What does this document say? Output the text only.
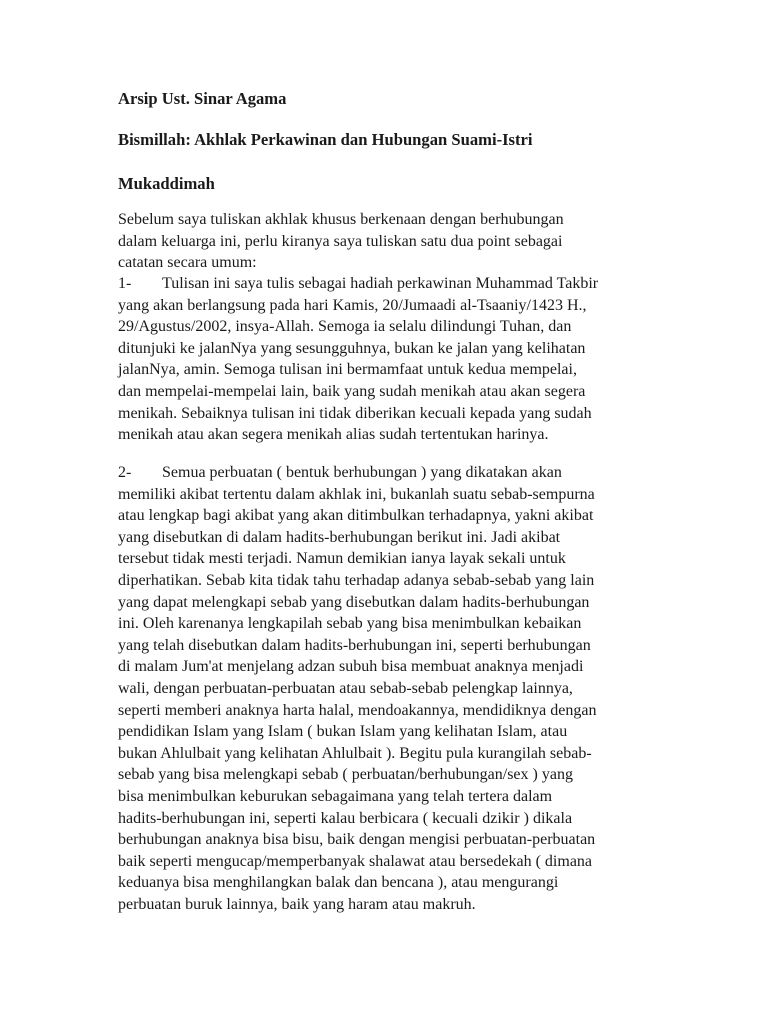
Arsip Ust. Sinar Agama
Bismillah: Akhlak Perkawinan dan Hubungan Suami-Istri
Mukaddimah
Sebelum saya tuliskan akhlak khusus berkenaan dengan berhubungan
dalam keluarga ini, perlu kiranya saya tuliskan satu dua point sebagai
catatan secara umum:
1- Tulisan ini saya tulis sebagai hadiah perkawinan Muhammad Takbir
yang akan berlangsung pada hari Kamis, 20/Jumaadi al-Tsaaniy/1423 H.,
29/Agustus/2002, insya-Allah. Semoga ia selalu dilindungi Tuhan, dan
ditunjuki ke jalanNya yang sesungguhnya, bukan ke jalan yang kelihatan
jalanNya, amin. Semoga tulisan ini bermamfaat untuk kedua mempelai,
dan mempelai-mempelai lain, baik yang sudah menikah atau akan segera
menikah. Sebaiknya tulisan ini tidak diberikan kecuali kepada yang sudah
menikah atau akan segera menikah alias sudah tertentukan harinya.
2- Semua perbuatan ( bentuk berhubungan ) yang dikatakan akan
memiliki akibat tertentu dalam akhlak ini, bukanlah suatu sebab-sempurna
atau lengkap bagi akibat yang akan ditimbulkan terhadapnya, yakni akibat
yang disebutkan di dalam hadits-berhubungan berikut ini. Jadi akibat
tersebut tidak mesti terjadi. Namun demikian ianya layak sekali untuk
diperhatikan. Sebab kita tidak tahu terhadap adanya sebab-sebab yang lain
yang dapat melengkapi sebab yang disebutkan dalam hadits-berhubungan
ini. Oleh karenanya lengkapilah sebab yang bisa menimbulkan kebaikan
yang telah disebutkan dalam hadits-berhubungan ini, seperti berhubungan
di malam Jum'at menjelang adzan subuh bisa membuat anaknya menjadi
wali, dengan perbuatan-perbuatan atau sebab-sebab pelengkap lainnya,
seperti memberi anaknya harta halal, mendoakannya, mendidiknya dengan
pendidikan Islam yang Islam ( bukan Islam yang kelihatan Islam, atau
bukan Ahlulbait yang kelihatan Ahlulbait ). Begitu pula kurangilah sebab-
sebab yang bisa melengkapi sebab ( perbuatan/berhubungan/sex ) yang
bisa menimbulkan keburukan sebagaimana yang telah tertera dalam
hadits-berhubungan ini, seperti kalau berbicara ( kecuali dzikir ) dikala
berhubungan anaknya bisa bisu, baik dengan mengisi perbuatan-perbuatan
baik seperti mengucap/memperbanyak shalawat atau bersedekah ( dimana
keduanya bisa menghilangkan balak dan bencana ), atau mengurangi
perbuatan buruk lainnya, baik yang haram atau makruh.
